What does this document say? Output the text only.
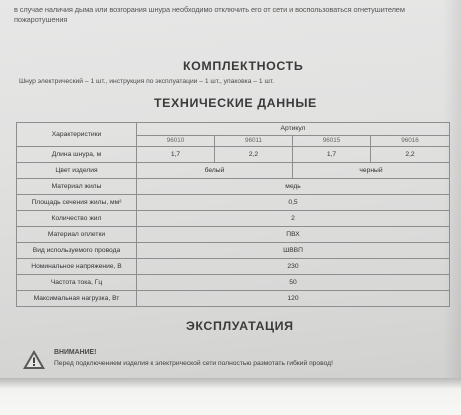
в случае наличия дыма или возгорания шнура необходимо отключить его от сети и воспользоваться огнетушителем пожаротушения
КОМПЛЕКТНОСТЬ
Шнур электрический – 1 шт., инструкция по эксплуатации – 1 шт., упаковка – 1 шт.
ТЕХНИЧЕСКИЕ ДАННЫЕ
Характеристики	Артикул			
	96010	96011	96015	96016
Длина шнура, м	1,7	2,2	1,7	2,2
Цвет изделия	белый		черный	
Материал жилы	медь			
Площадь сечения жилы, мм²	0,5			
Количество жил	2			
Материал оплетки	ПВХ			
Вид используемого провода	ШВВП			
Номинальное напряжение, В	230			
Частота тока, Гц	50			
Максимальная нагрузка, Вт	120			
ЭКСПЛУАТАЦИЯ
ВНИМАНИЕ!
Перед подключением изделия к электрической сети полностью размотать гибкий провод!
